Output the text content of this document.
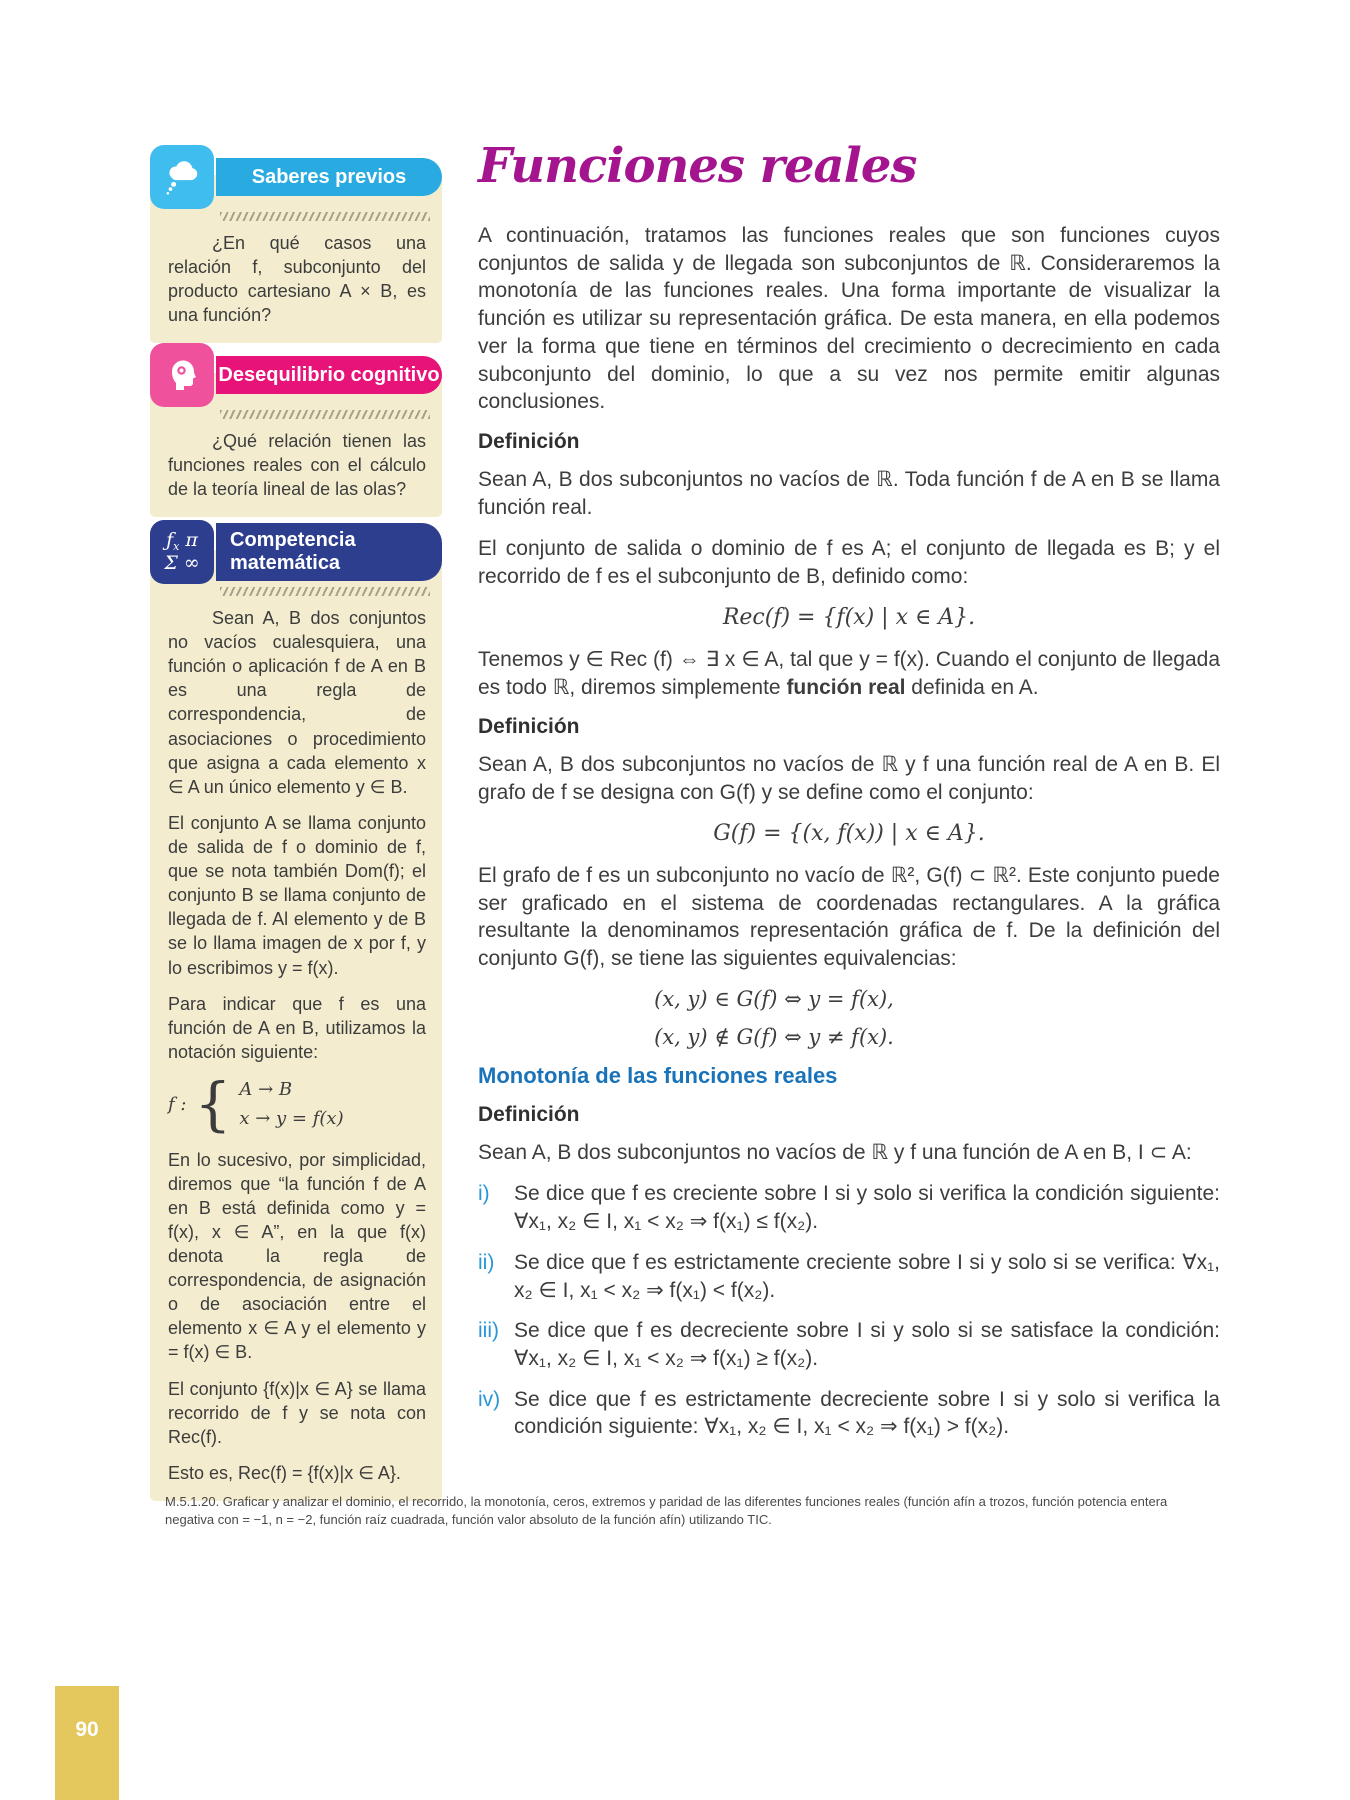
Saberes previos

¿En qué casos una relación f, subconjunto del producto cartesiano A × B, es una función?

Desequilibrio cognitivo

¿Qué relación tienen las funciones reales con el cálculo de la teoría lineal de las olas?

$ƒ_x$ π
Σ ∞
Competencia
matemática

Sean A, B dos conjuntos no vacíos cualesquiera, una función o aplicación f de A en B es una regla de correspondencia, de asociaciones o procedimiento que asigna a cada elemento x ∈ A un único elemento y ∈ B.

El conjunto A se llama conjunto de salida de f o dominio de f, que se nota también Dom(f); el conjunto B se llama conjunto de llegada de f. Al elemento y de B se lo llama imagen de x por f, y lo escribimos y = f(x).

Para indicar que f es una función de A en B, utilizamos la notación siguiente:

f : { A → B
x → y = f(x)

En lo sucesivo, por simplicidad, diremos que “la función f de A en B está definida como y = f(x), x ∈ A”, en la que f(x) denota la regla de correspondencia, de asignación o de asociación entre el elemento x ∈ A y el elemento y = f(x) ∈ B.

El conjunto {f(x)|x ∈ A} se llama recorrido de f y se nota con Rec(f).

Esto es, Rec(f) = {f(x)|x ∈ A}.

Funciones reales

A continuación, tratamos las funciones reales que son funciones cuyos conjuntos de salida y de llegada son subconjuntos de ℝ. Consideraremos la monotonía de las funciones reales. Una forma importante de visualizar la función es utilizar su representación gráfica. De esta manera, en ella podemos ver la forma que tiene en términos del crecimiento o decrecimiento en cada subconjunto del dominio, lo que a su vez nos permite emitir algunas conclusiones.

Definición

Sean A, B dos subconjuntos no vacíos de ℝ. Toda función f de A en B se llama función real.

El conjunto de salida o dominio de f es A; el conjunto de llegada es B; y el recorrido de f es el subconjunto de B, definido como:

Rec(f) = {f(x) | x ∈ A}.

Tenemos y ∈ Rec (f) ⇔ ∃ x ∈ A, tal que y = f(x). Cuando el conjunto de llegada es todo ℝ, diremos simplemente función real definida en A.

Definición

Sean A, B dos subconjuntos no vacíos de ℝ y f una función real de A en B. El grafo de f se designa con G(f) y se define como el conjunto:

G(f) = {(x, f(x)) | x ∈ A}.

El grafo de f es un subconjunto no vacío de ℝ², G(f) ⊂ ℝ². Este conjunto puede ser graficado en el sistema de coordenadas rectangulares. A la gráfica resultante la denominamos representación gráfica de f. De la definición del conjunto G(f), se tiene las siguientes equivalencias:

(x, y) ∈ G(f) ⇔ y = f(x),
(x, y) ∉ G(f) ⇔ y ≠ f(x).
Monotonía de las funciones reales
Definición

Sean A, B dos subconjuntos no vacíos de ℝ y f una función de A en B, I ⊂ A:

i)	Se dice que f es creciente sobre I si y solo si verifica la condición siguiente: ∀x₁, x₂ ∈ I, x₁ < x₂ ⇒ f(x₁) ≤ f(x₂).
ii) Se dice que f es estrictamente creciente sobre I si y solo si se verifica: ∀x₁, x₂ ∈ I, x₁ < x₂ ⇒ f(x₁) < f(x₂).
iii) Se dice que f es decreciente sobre I si y solo si se satisface la condición: ∀x₁, x₂ ∈ I, x₁ < x₂ ⇒ f(x₁) ≥ f(x₂).
iv) Se dice que f es estrictamente decreciente sobre I si y solo si verifica la condición siguiente: ∀x₁, x₂ ∈ I, x₁ < x₂ ⇒ f(x₁) > f(x₂).
M.5.1.20. Graficar y analizar el dominio, el recorrido, la monotonía, ceros, extremos y paridad de las diferentes funciones reales (función afín a trozos, función potencia entera negativa con = −1, n = −2, función raíz cuadrada, función valor absoluto de la función afín) utilizando TIC.
90
